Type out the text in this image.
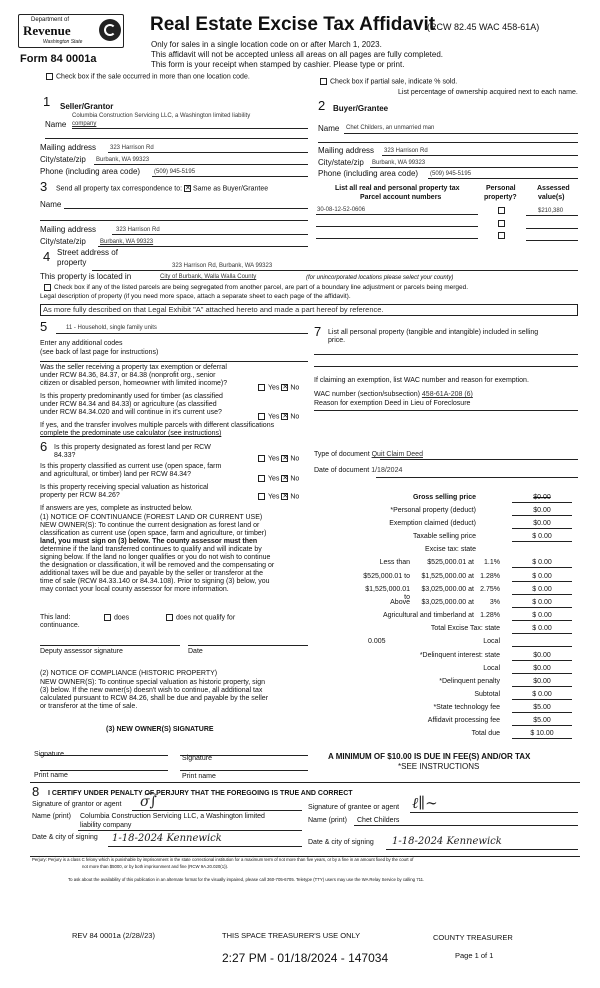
Department of
Revenue
Washington State
Form 84 0001a
Real Estate Excise Tax Affidavit
(RCW 82.45 WAC 458-61A)
Only for sales in a single location code on or after March 1, 2023.
This affidavit will not be accepted unless all areas on all pages are fully completed.
This form is your receipt when stamped by cashier. Please type or print.
Check box if the sale occurred in more than one location code.
Check box if partial sale, indicate % sold.
List percentage of ownership acquired next to each name.
1 Seller/Grantor
Name
Columbia Construction Servicing LLC, a Washington limited liability
company
Mailing address 323 Harrison Rd
City/state/zip Burbank, WA 99323
Phone (including area code) (509) 945-5195
2 Buyer/Grantee
Name Chet Childers, an unmarried man
Mailing address 323 Harrison Rd
City/state/zip Burbank, WA 99323
Phone (including area code) (509) 945-5195
3 Send all property tax correspondence to: ✕ Same as Buyer/Grantee
Name
Mailing address	323 Harrison Rd
City/state/zip Burbank, WA 99323
List all real and personal property tax
Parcel account numbers
Personal
property?
Assessed
value(s)
30-08-12-52-0606	$210,380
4 Street address of
property	323 Harrison Rd, Burbank, WA 99323
This property is located in	City of Burbank, Walla Walla County	(for unincorporated locations please select your county)
Check box if any of the listed parcels are being segregated from another parcel, are part of a boundary line adjustment or parcels being merged.
Legal description of property (if you need more space, attach a separate sheet to each page of the affidavit).
As more fully described on that Legal Exhibit "A" attached hereto and made a part hereof by reference.
5	11 - Household, single family units
Enter any additional codes
(see back of last page for instructions)
Was the seller receiving a property tax exemption or deferral
under RCW 84.36, 84.37, or 84.38 (nonprofit org., senior
citizen or disabled person, homeowner with limited income)?
Yes ✕ No
Is this property predominantly used for timber (as classified
under RCW 84.34 and 84.33) or agriculture (as classified
under RCW 84.34.020 and will continue in it's current use?
Yes ✕ No
If yes, and the transfer involves multiple parcels with different classifications
complete the predominate use calculator (see instructions)
6 Is this property designated as forest land per RCW
84.33?	Yes ✕ No
Is this property classified as current use (open space, farm
and agricultural, or timber) land per RCW 84.34?
Yes ✕ No
Is this property receiving special valuation as historical
property per RCW 84.26?	Yes ✕ No
If answers are yes, complete as instructed below.
(1) NOTICE OF CONTINUANCE (FOREST LAND OR CURRENT USE)
NEW OWNER(S): To continue the current designation as forest land or
classification as current use (open space, farm and agriculture, or timber)
land, you must sign on (3) below. The county assessor must then
determine if the land transferred continues to qualify and will indicate by
signing below. If the land no longer qualifies or you do not wish to continue
the designation or classification, it will be removed and the compensating or
additional taxes will be due and payable by the seller or transferor at the
time of sale (RCW 84.33.140 or 84.34.108). Prior to signing (3) below, you
may contact your local county assessor for more information.
This land:	does	does not qualify for
continuance.
Deputy assessor signature	Date
(2) NOTICE OF COMPLIANCE (HISTORIC PROPERTY)
NEW OWNER(S): To continue special valuation as historic property, sign
(3) below. If the new owner(s) doesn't wish to continue, all additional tax
calculated pursuant to RCW 84.26, shall be due and payable by the seller
or transferor at the time of sale.
(3) NEW OWNER(S) SIGNATURE
Signature
Signature
Print name	Print name
7 List all personal property (tangible and intangible) included in selling
price.
If claiming an exemption, list WAC number and reason for exemption.
WAC number (section/subsection) 458-61A-208 (6)
Reason for exemption Deed in Lieu of Foreclosure
Type of document Quit Claim Deed
Date of document 1/18/2024
Gross selling price	$0.00
*Personal property (deduct)	$0.00
Exemption claimed (deduct)	$0.00
Taxable selling price	$ 0.00
Excise tax: state
Less than $525,000.01 at 1.1%	$ 0.00
$525,000.01 to $1,525,000.00 at 1.28%	$ 0.00
$1,525,000.01 to
$3,025,000.00 at 2.75%	$ 0.00
Above $3,025,000.00 at 3%	$ 0.00
Agricultural and timberland at 1.28%	$ 0.00
Total Excise Tax: state	$ 0.00
0.005	Local
*Delinquent interest: state	$0.00
Local	$0.00
*Delinquent penalty	$0.00
Subtotal	$ 0.00
*State technology fee	$5.00
Affidavit processing fee	$5.00
Total due	$ 10.00
A MINIMUM OF $10.00 IS DUE IN FEE(S) AND/OR TAX
*SEE INSTRUCTIONS
8 I CERTIFY UNDER PENALTY OF PERJURY THAT THE FOREGOING IS TRUE AND CORRECT
Signature of grantor or agent σ͡∫	Signature of grantee or agent ℓ∥∼
Name (print) Columbia Construction Servicing LLC, a Washington limited
liability company
Name (print) Chet Childers
Date & city of signing 1-18-2024 Kennewick	Date & city of signing 1-18-2024 Kennewick
Perjury: Perjury is a class C felony which is punishable by imprisonment in the state correctional institution for a maximum term of not more than five years, or by a fine in an amount fixed by the court of
not more than $5000, or by both imprisonment and fine (RCW 9A.20.020(1)).
To ask about the availability of this publication in an alternate format for the visually impaired, please call 360-705-6705. Teletype (TTY) users may use the WA Relay Service by calling 711.
REV 84 0001a (2/28//23)	THIS SPACE TREASURER'S USE ONLY	COUNTY TREASURER
2:27 PM - 01/18/2024 - 147034	Page 1 of 1
